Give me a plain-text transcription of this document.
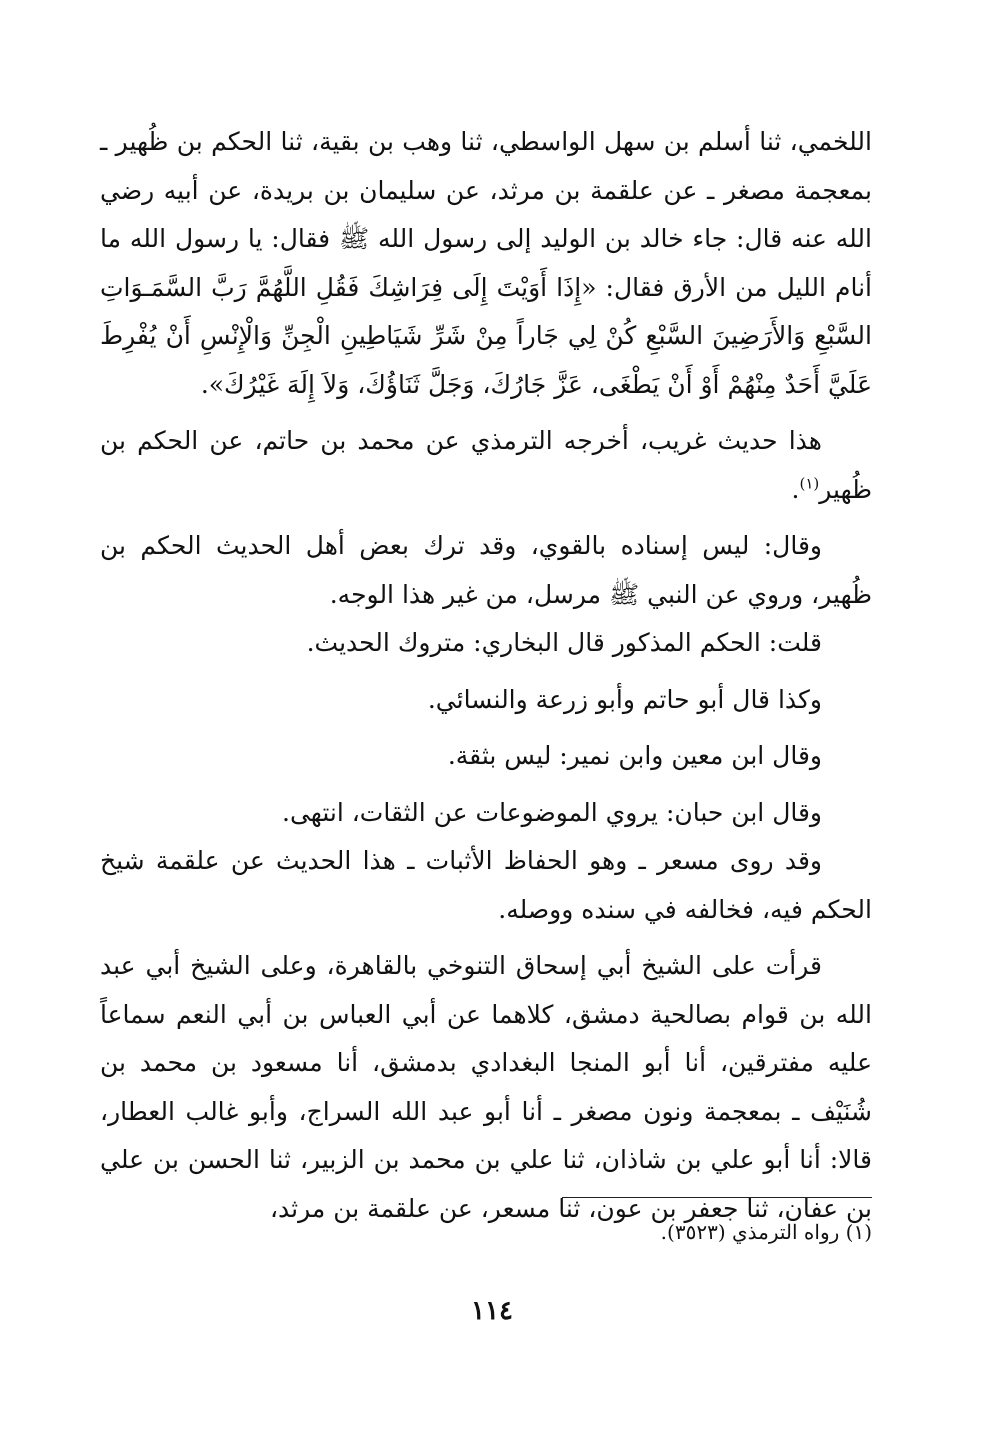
اللخمي، ثنا أسلم بن سهل الواسطي، ثنا وهب بن بقية، ثنا الحكم بن ظُهير ـ بمعجمة مصغر ـ عن علقمة بن مرثد، عن سليمان بن بريدة، عن أبيه رضي الله عنه قال: جاء خالد بن الوليد إلى رسول الله ﷺ فقال: يا رسول الله ما أنام الليل من الأرق فقال: «إِذَا أَوَيْتَ إِلَى فِرَاشِكَ فَقُلِ اللَّهُمَّ رَبَّ السَّمَـوَاتِ السَّبْعِ وَالأَرَضِينَ السَّبْعِ كُنْ لِي جَاراً مِنْ شَرِّ شَيَاطِينِ الْجِنِّ وَالْإِنْسِ أَنْ يُفْرِطَ عَلَيَّ أَحَدٌ مِنْهُمْ أَوْ أَنْ يَطْغَى، عَزَّ جَارُكَ، وَجَلَّ ثَنَاؤُكَ، وَلاَ إِلَهَ غَيْرُكَ».

هذا حديث غريب، أخرجه الترمذي عن محمد بن حاتم، عن الحكم بن ظُهير$^{(١)}$.

وقال: ليس إسناده بالقوي، وقد ترك بعض أهل الحديث الحكم بن ظُهير، وروي عن النبي ﷺ مرسل، من غير هذا الوجه.

قلت: الحكم المذكور قال البخاري: متروك الحديث.

وكذا قال أبو حاتم وأبو زرعة والنسائي.

وقال ابن معين وابن نمير: ليس بثقة.

وقال ابن حبان: يروي الموضوعات عن الثقات، انتهى.

وقد روى مسعر ـ وهو الحفاظ الأثبات ـ هذا الحديث عن علقمة شيخ الحكم فيه، فخالفه في سنده ووصله.

قرأت على الشيخ أبي إسحاق التنوخي بالقاهرة، وعلى الشيخ أبي عبد الله بن قوام بصالحية دمشق، كلاهما عن أبي العباس بن أبي النعم سماعاً عليه مفترقين، أنا أبو المنجا البغدادي بدمشق، أنا مسعود بن محمد بن شُنَيْف ـ بمعجمة ونون مصغر ـ أنا أبو عبد الله السراج، وأبو غالب العطار، قالا: أنا أبو علي بن شاذان، ثنا علي بن محمد بن الزبير، ثنا الحسن بن علي بن عفان، ثنا جعفر بن عون، ثنا مسعر، عن علقمة بن مرثد،

(١) رواه الترمذي (٣٥٢٣).
١١٤
